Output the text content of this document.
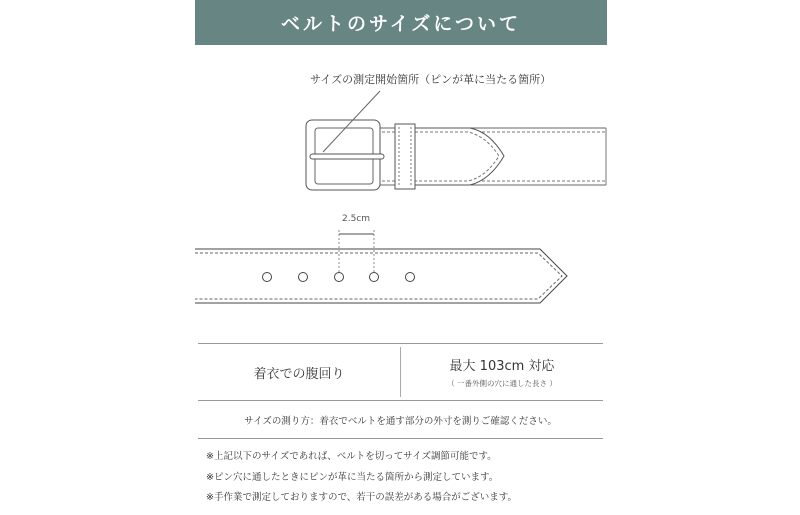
ベルトのサイズについて
サイズの測定開始箇所（ピンが革に当たる箇所）
2.5cm
着衣での腹回り	最大 103cm 対応
（ 一番外側の穴に通した長さ ）
サイズの測り方：着衣でベルトを通す部分の外寸を測りご確認ください。
※上記以下のサイズであれば、ベルトを切ってサイズ調節可能です。
※ピン穴に通したときにピンが革に当たる箇所から測定しています。
※手作業で測定しておりますので、若干の誤差がある場合がございます。
